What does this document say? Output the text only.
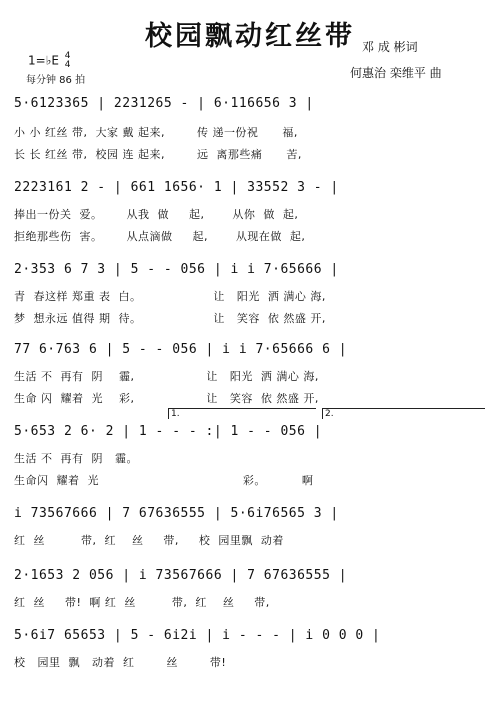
校园飘动红丝带
1=♭E 4
4
每分钟 86 拍
邓 成 彬词
何惠治 栾维平 曲
5·6123365 | 2231265 - | 6·116656 3 |
小 小 红丝 带,  大家 戴 起来,        传 递一份祝      福,
长 长 红丝 带,  校园 连 起来,        远  离那些痛      苦,
2223161 2 - | 661 1656· 1 | 33552 3 - |
捧出一份关  爱。      从我  做     起,       从你  做  起,
拒绝那些伤  害。      从点滴做     起,       从现在做  起,
2·353 6 7 3 | 5 - - 056 | i i 7·65666 |
青  春这样 郑重 表  白。                  让   阳光  洒 满心 海,
梦  想永远 值得 期  待。                  让   笑容  依 然盛 开,
77 6·763 6 | 5 - - 056 | i i 7·65666 6 |
生活 不  再有  阴    霾,                  让   阳光  洒 满心 海,
生命 闪  耀着  光    彩,                  让   笑容  依 然盛 开,
1.	2.
5·653 2 6· 2 | 1 - - - :| 1 - - 056 |
生活 不  再有  阴   霾。
生命闪  耀着  光                                    彩。         啊
i 73567666 | 7 67636555 | 5·6i76565 3 |
红  丝         带,  红    丝     带,     校  园里飘  动着
2·1653 2 056 | i 73567666 | 7 67636555 |
红  丝     带!  啊 红  丝         带,  红    丝     带,
5·6i7 65653 | 5 - 6i2i | i - - - | i 0 0 0 |
校   园里  飘   动着  红        丝        带!
